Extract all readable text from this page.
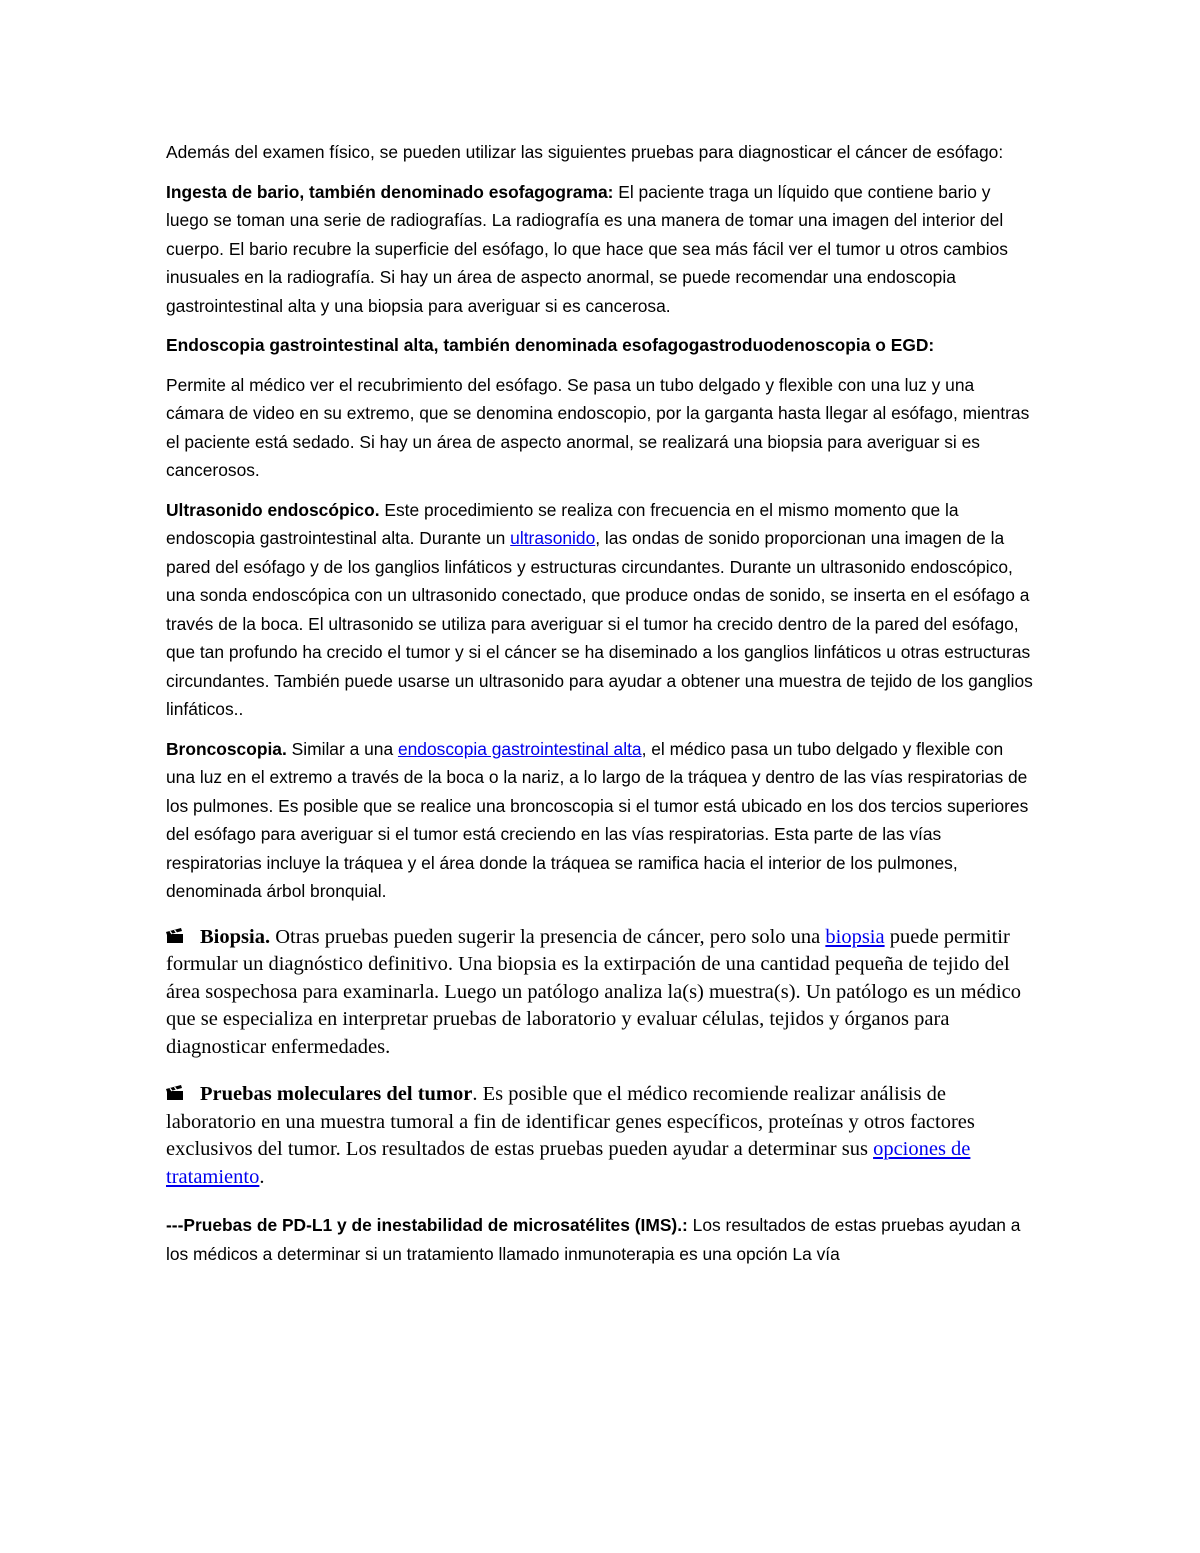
Además del examen físico, se pueden utilizar las siguientes pruebas para diagnosticar el cáncer de esófago:

Ingesta de bario, también denominado esofagograma: El paciente traga un líquido que contiene bario y luego se toman una serie de radiografías. La radiografía es una manera de tomar una imagen del interior del cuerpo. El bario recubre la superficie del esófago, lo que hace que sea más fácil ver el tumor u otros cambios inusuales en la radiografía. Si hay un área de aspecto anormal, se puede recomendar una endoscopia gastrointestinal alta y una biopsia para averiguar si es cancerosa.

Endoscopia gastrointestinal alta, también denominada esofagogastroduodenoscopia o EGD:

Permite al médico ver el recubrimiento del esófago. Se pasa un tubo delgado y flexible con una luz y una cámara de video en su extremo, que se denomina endoscopio, por la garganta hasta llegar al esófago, mientras el paciente está sedado. Si hay un área de aspecto anormal, se realizará una biopsia para averiguar si es cancerosos.

Ultrasonido endoscópico. Este procedimiento se realiza con frecuencia en el mismo momento que la endoscopia gastrointestinal alta. Durante un ultrasonido, las ondas de sonido proporcionan una imagen de la pared del esófago y de los ganglios linfáticos y estructuras circundantes. Durante un ultrasonido endoscópico, una sonda endoscópica con un ultrasonido conectado, que produce ondas de sonido, se inserta en el esófago a través de la boca. El ultrasonido se utiliza para averiguar si el tumor ha crecido dentro de la pared del esófago, que tan profundo ha crecido el tumor y si el cáncer se ha diseminado a los ganglios linfáticos u otras estructuras circundantes. También puede usarse un ultrasonido para ayudar a obtener una muestra de tejido de los ganglios linfáticos..

Broncoscopia. Similar a una endoscopia gastrointestinal alta, el médico pasa un tubo delgado y flexible con una luz en el extremo a través de la boca o la nariz, a lo largo de la tráquea y dentro de las vías respiratorias de los pulmones. Es posible que se realice una broncoscopia si el tumor está ubicado en los dos tercios superiores del esófago para averiguar si el tumor está creciendo en las vías respiratorias. Esta parte de las vías respiratorias incluye la tráquea y el área donde la tráquea se ramifica hacia el interior de los pulmones, denominada árbol bronquial.

Biopsia. Otras pruebas pueden sugerir la presencia de cáncer, pero solo una biopsia puede permitir formular un diagnóstico definitivo. Una biopsia es la extirpación de una cantidad pequeña de tejido del área sospechosa para examinarla. Luego un patólogo analiza la(s) muestra(s). Un patólogo es un médico que se especializa en interpretar pruebas de laboratorio y evaluar células, tejidos y órganos para diagnosticar enfermedades.

Pruebas moleculares del tumor. Es posible que el médico recomiende realizar análisis de laboratorio en una muestra tumoral a fin de identificar genes específicos, proteínas y otros factores exclusivos del tumor. Los resultados de estas pruebas pueden ayudar a determinar sus opciones de tratamiento.

---Pruebas de PD-L1 y de inestabilidad de microsatélites (IMS).: Los resultados de estas pruebas ayudan a los médicos a determinar si un tratamiento llamado inmunoterapia es una opción La vía
